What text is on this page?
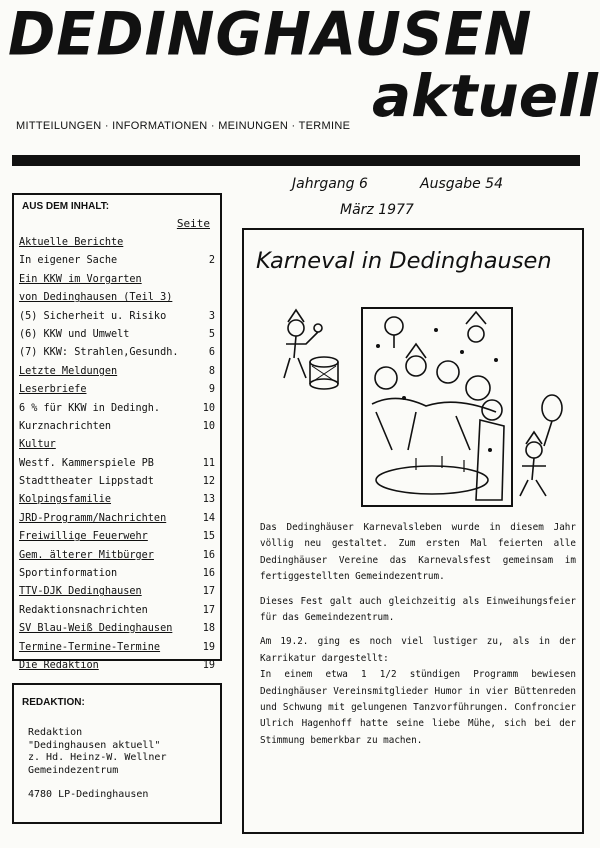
DEDINGHAUSEN
aktuell
MITTEILUNGEN · INFORMATIONEN · MEINUNGEN · TERMINE
Jahrgang 6	Ausgabe 54
März 1977
AUS DEM INHALT:
Seite
Aktuelle Berichte
In eigener Sache	2
Ein KKW im Vorgarten
von Dedinghausen (Teil 3)
(5) Sicherheit u. Risiko	3
(6) KKW und Umwelt	5
(7) KKW: Strahlen,Gesundh.	6
Letzte Meldungen	8
Leserbriefe	9
6 % für KKW in Dedingh.	10
Kurznachrichten	10
Kultur
Westf. Kammerspiele PB	11
Stadttheater Lippstadt	12
Kolpingsfamilie	13
JRD-Programm/Nachrichten	14
Freiwillige Feuerwehr	15
Gem. älterer Mitbürger	16
Sportinformation	16
TTV-DJK Dedinghausen	17
Redaktionsnachrichten	17
SV Blau-Weiß Dedinghausen	18
Termine-Termine-Termine	19
Die Redaktion	19
REDAKTION:
Redaktion
"Dedinghausen aktuell"
z. Hd. Heinz-W. Wellner
Gemeindezentrum
4780 LP-Dedinghausen
Karneval in Dedinghausen

Das Dedinghäuser Karnevalsleben wurde in diesem Jahr völlig neu gestaltet. Zum ersten Mal feierten alle Dedinghäuser Vereine das Karnevalsfest gemeinsam im fertiggestellten Gemeindezentrum.

Dieses Fest galt auch gleichzeitig als Einweihungsfeier für das Gemeindezentrum.

Am 19.2. ging es noch viel lustiger zu, als in der Karrikatur dargestellt:

In einem etwa 1 1/2 stündigen Programm bewiesen Dedinghäuser Vereinsmitglieder Humor in vier Büttenreden und Schwung mit gelungenen Tanzvorführungen. Confroncier Ulrich Hagenhoff hatte seine liebe Mühe, sich bei der Stimmung bemerkbar zu machen.
